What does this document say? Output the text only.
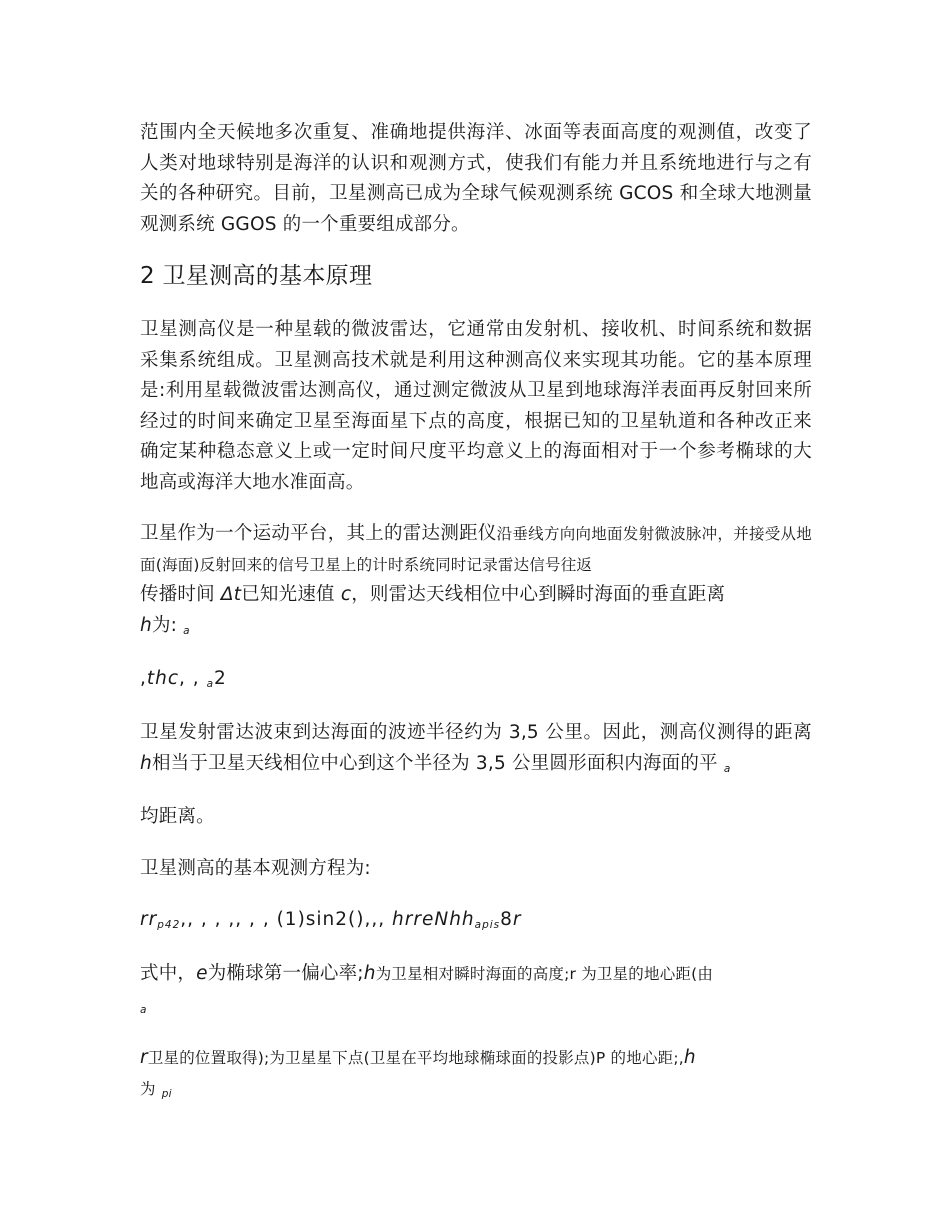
范围内全天候地多次重复、准确地提供海洋、冰面等表面高度的观测值，改变了人类对地球特别是海洋的认识和观测方式，使我们有能力并且系统地进行与之有关的各种研究。目前，卫星测高已成为全球气候观测系统 GCOS 和全球大地测量观测系统 GGOS 的一个重要组成部分。

2 卫星测高的基本原理

卫星测高仪是一种星载的微波雷达，它通常由发射机、接收机、时间系统和数据采集系统组成。卫星测高技术就是利用这种测高仪来实现其功能。它的基本原理是:利用星载微波雷达测高仪，通过测定微波从卫星到地球海洋表面再反射回来所经过的时间来确定卫星至海面星下点的高度，根据已知的卫星轨道和各种改正来确定某种稳态意义上或一定时间尺度平均意义上的海面相对于一个参考椭球的大地高或海洋大地水准面高。

卫星作为一个运动平台，其上的雷达测距仪沿垂线方向向地面发射微波脉冲，并接受从地面(海面)反射回来的信号卫星上的计时系统同时记录雷达信号往返
传播时间 Δt已知光速值 c，则雷达天线相位中心到瞬时海面的垂直距离
h为: a

,thc, , a2

卫星发射雷达波束到达海面的波迹半径约为 3,5 公里。因此，测高仪测得的距离 h相当于卫星天线相位中心到这个半径为 3,5 公里圆形面积内海面的平 a

均距离。

卫星测高的基本观测方程为:

rrp42,, , , ,, , , (1)sin2(),,, hrreNhhapis8r

式中，e为椭球第一偏心率;h为卫星相对瞬时海面的高度;r 为卫星的地心距(由
a

r卫星的位置取得);为卫星星下点(卫星在平均地球椭球面的投影点)P 的地心距;,h
为 pi
